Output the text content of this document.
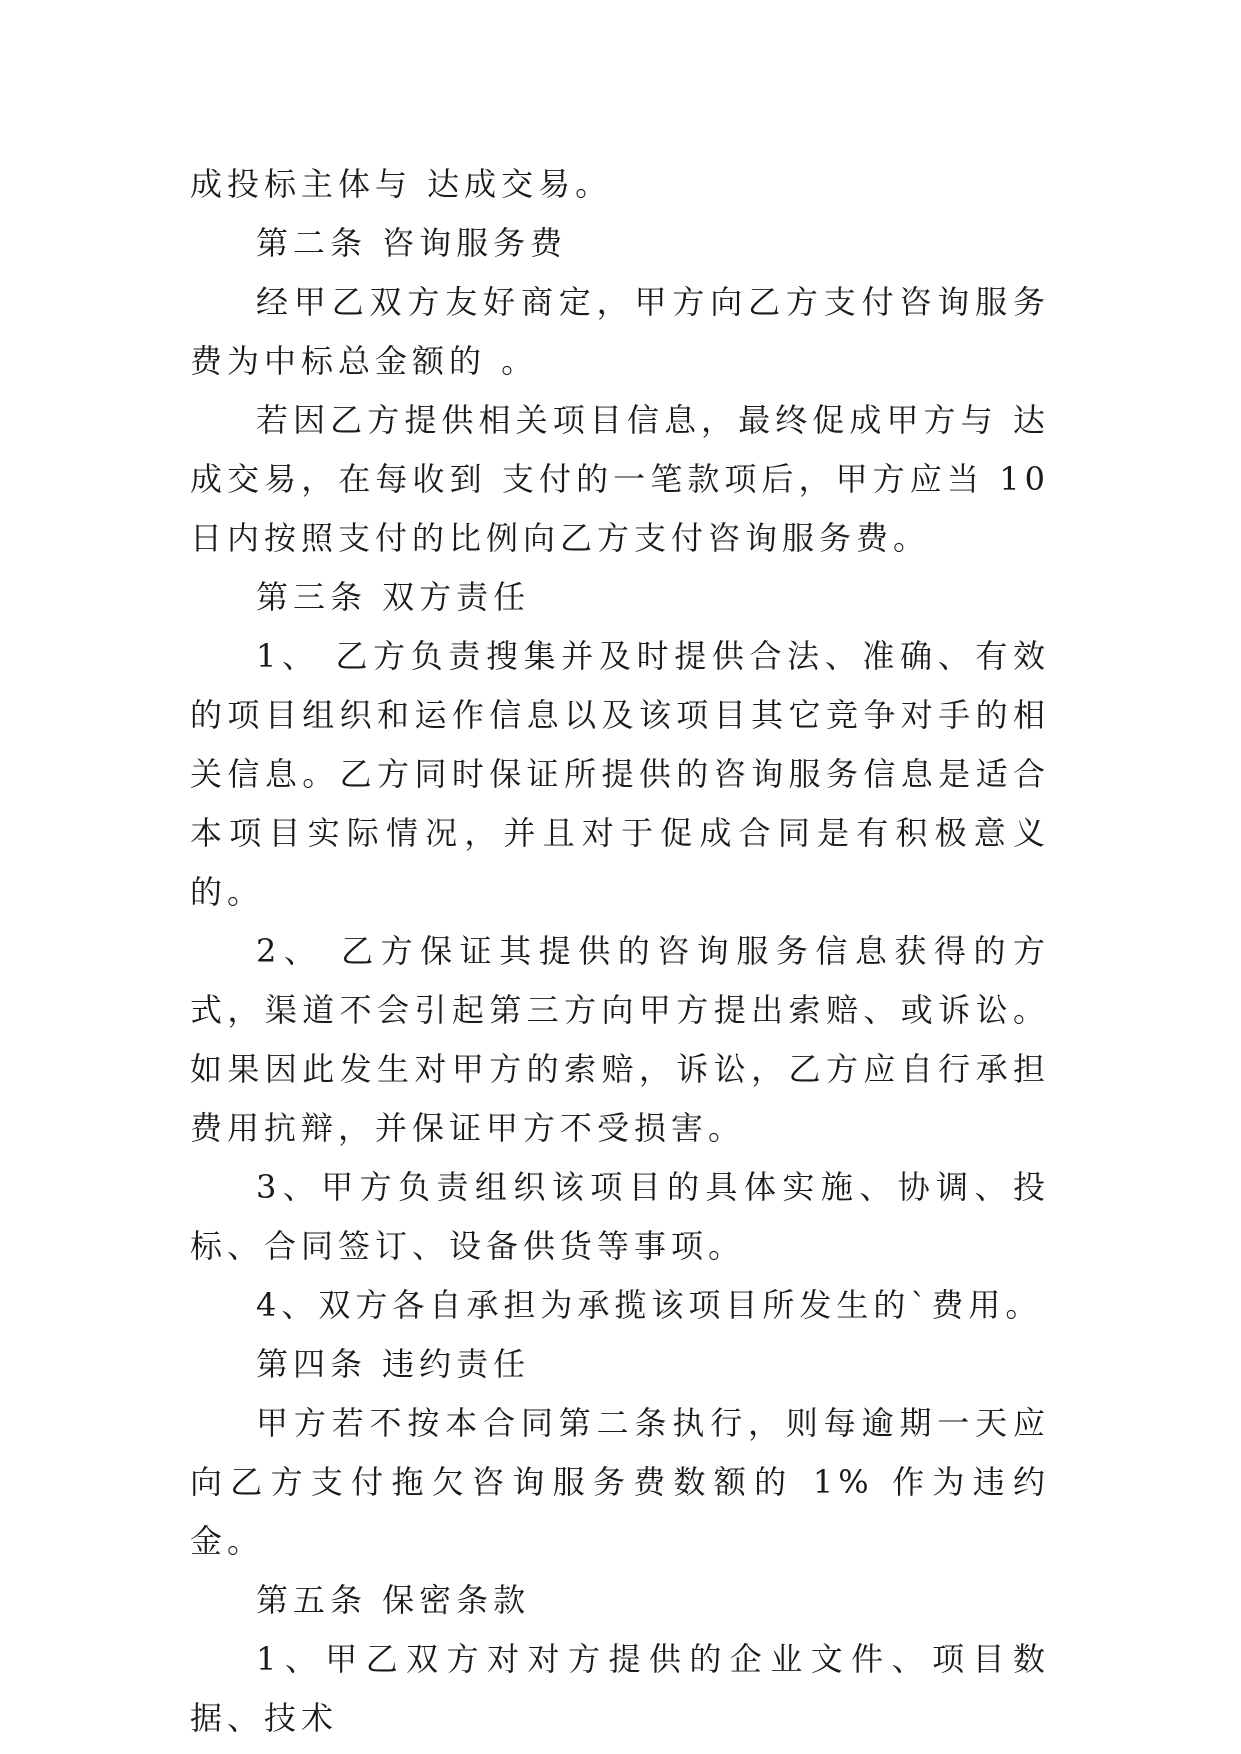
成投标主体与 达成交易。

第二条 咨询服务费

经甲乙双方友好商定，甲方向乙方支付咨询服务费为中标总金额的 。

若因乙方提供相关项目信息，最终促成甲方与 达成交易，在每收到 支付的一笔款项后，甲方应当 10 日内按照支付的比例向乙方支付咨询服务费。

第三条 双方责任

1、 乙方负责搜集并及时提供合法、准确、有效的项目组织和运作信息以及该项目其它竞争对手的相关信息。乙方同时保证所提供的咨询服务信息是适合本项目实际情况，并且对于促成合同是有积极意义的。

2、 乙方保证其提供的咨询服务信息获得的方式，渠道不会引起第三方向甲方提出索赔、或诉讼。如果因此发生对甲方的索赔，诉讼，乙方应自行承担费用抗辩，并保证甲方不受损害。

3、甲方负责组织该项目的具体实施、协调、投标、合同签订、设备供货等事项。

4、双方各自承担为承揽该项目所发生的`费用。

第四条 违约责任

甲方若不按本合同第二条执行，则每逾期一天应向乙方支付拖欠咨询服务费数额的 1% 作为违约金。

第五条 保密条款

1、甲乙双方对对方提供的企业文件、项目数据、技术
